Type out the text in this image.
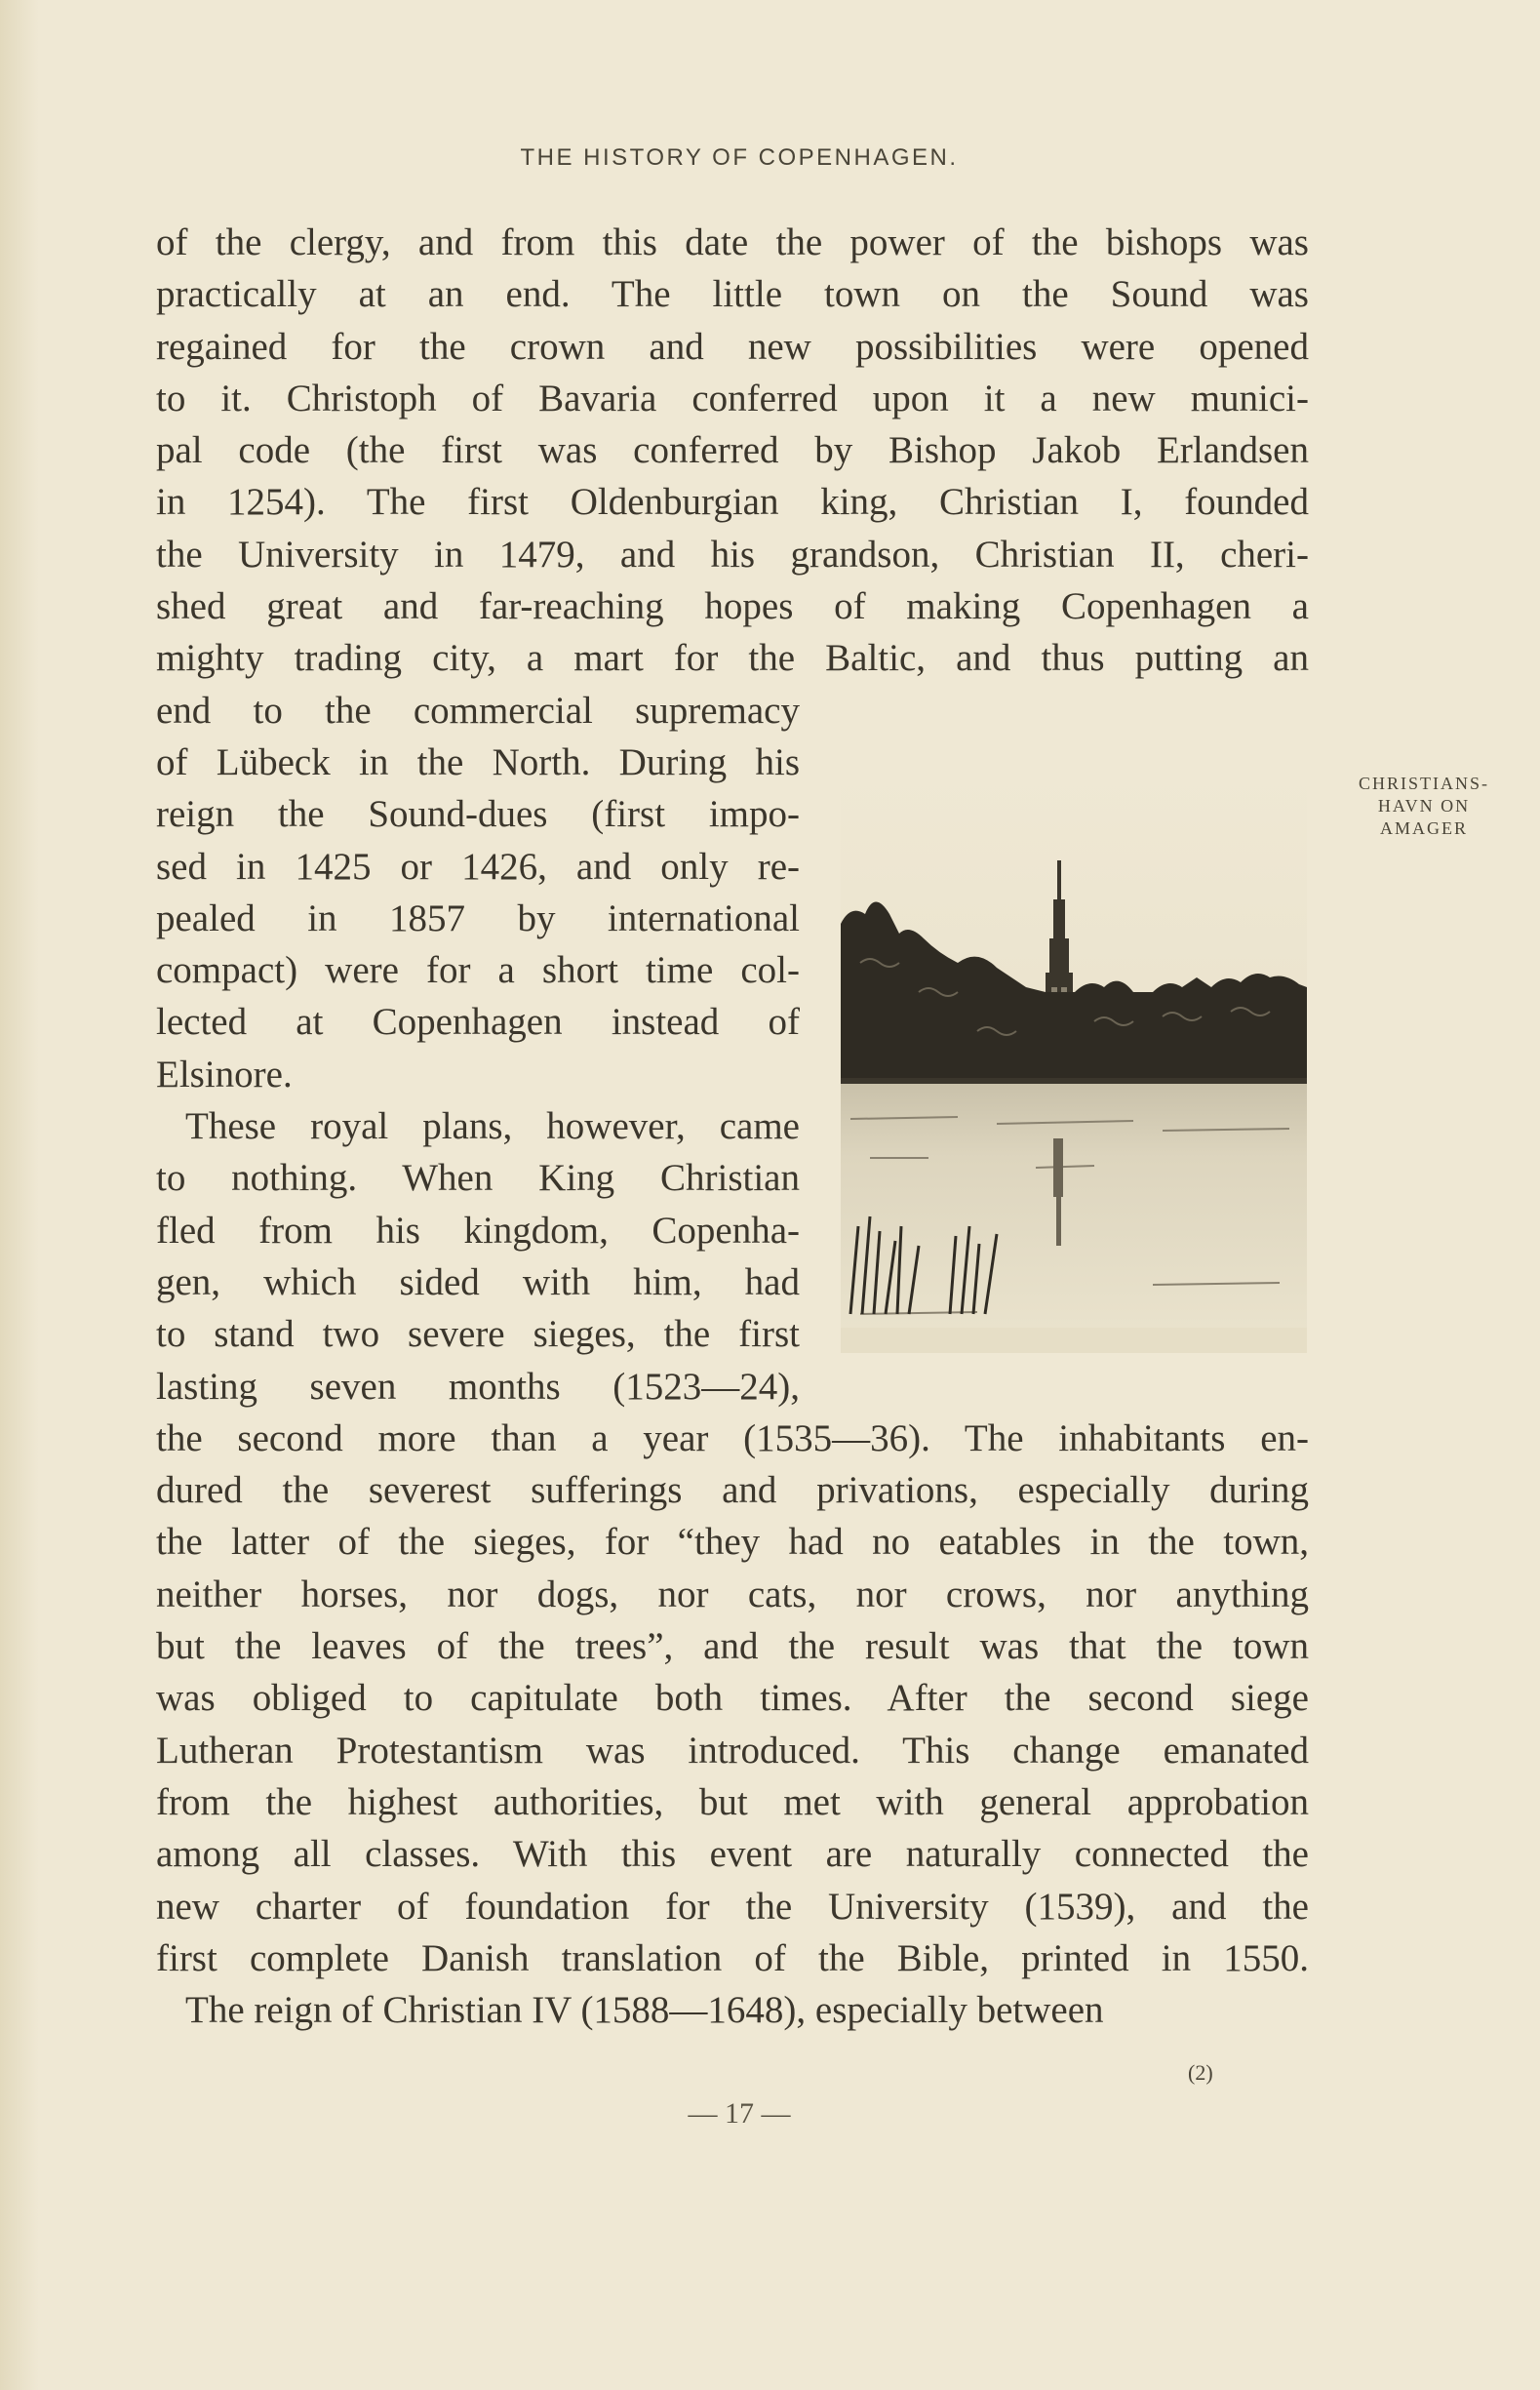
THE HISTORY OF COPENHAGEN.
of the clergy, and from this date the power of the bishops was
practically at an end. The little town on the Sound was
regained for the crown and new possibilities were opened
to it. Christoph of Bavaria conferred upon it a new munici-
pal code (the first was conferred by Bishop Jakob Erlandsen
in 1254). The first Oldenburgian king, Christian I, founded
the University in 1479, and his grandson, Christian II, cheri-
shed great and far-reaching hopes of making Copenhagen a
mighty trading city, a mart for the Baltic, and thus putting an
end to the commercial supremacy
of Lübeck in the North. During his
reign the Sound-dues (first impo-
sed in 1425 or 1426, and only re-
pealed in 1857 by international
compact) were for a short time col-
lected at Copenhagen instead of
Elsinore.
These royal plans, however, came
to nothing. When King Christian
fled from his kingdom, Copenha-
gen, which sided with him, had
to stand two severe sieges, the first
lasting seven months (1523—24),
the second more than a year (1535—36). The inhabitants en-
dured the severest sufferings and privations, especially during
the latter of the sieges, for “they had no eatables in the town,
neither horses, nor dogs, nor cats, nor crows, nor anything
but the leaves of the trees”, and the result was that the town
was obliged to capitulate both times. After the second siege
Lutheran Protestantism was introduced. This change emanated
from the highest authorities, but met with general approbation
among all classes. With this event are naturally connected the
new charter of foundation for the University (1539), and the
first complete Danish translation of the Bible, printed in 1550.
The reign of Christian IV (1588—1648), especially between
CHRISTIANS-
HAVN ON
AMAGER
(2)
— 17 —
